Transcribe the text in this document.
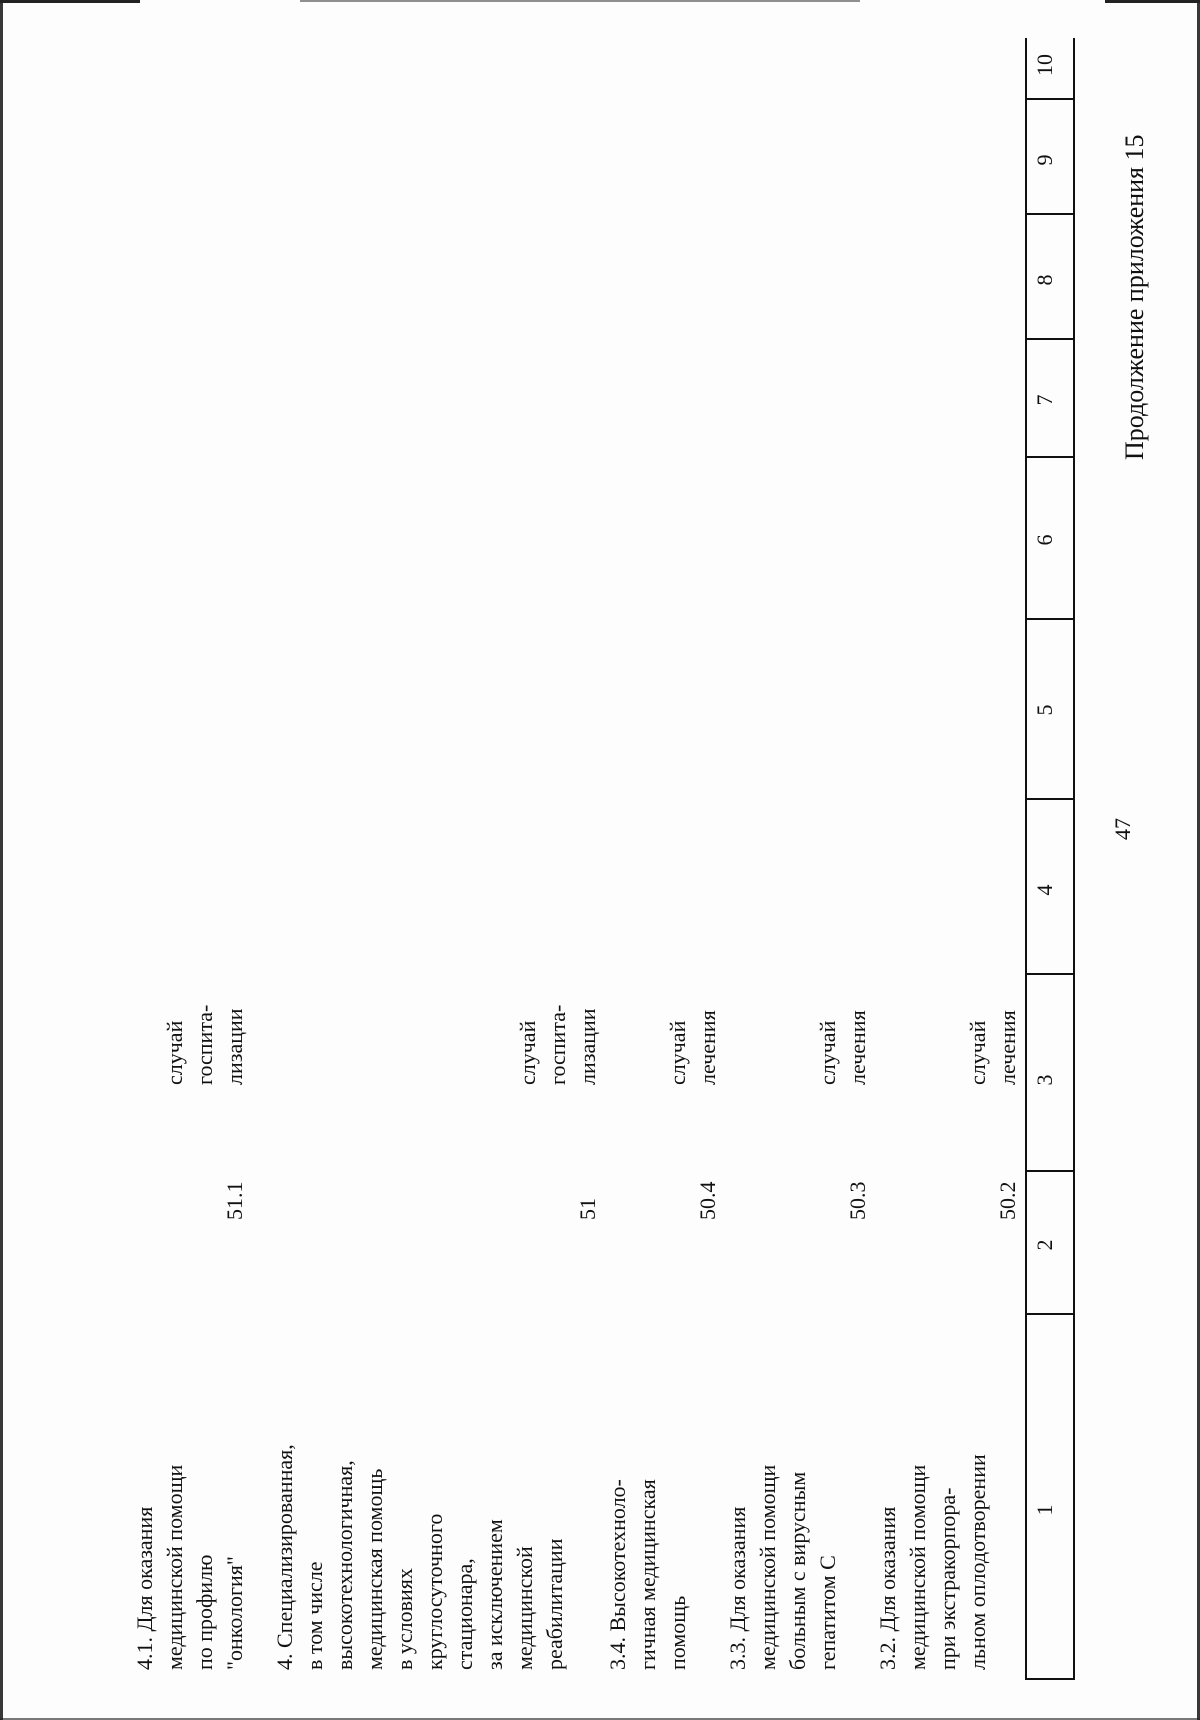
47
Продолжение приложения 15
1
2
3
4
5
6
7
8
9
10
3.2. Для оказания
медицинской помощи
при экстракорпора-
льном оплодотворении
50.2
случай
лечения
3.3. Для оказания
медицинской помощи
больным с вирусным
гепатитом С
50.3
случай
лечения
3.4. Высокотехноло-
гичная медицинская
помощь
50.4
случай
лечения
4. Специализированная,
в том числе
высокотехнологичная,
медицинская помощь
в условиях
круглосуточного
стационара,
за исключением
медицинской
реабилитации
51
случай
госпита-
лизации
4.1. Для оказания
медицинской помощи
по профилю
"онкология"
51.1
случай
госпита-
лизации
